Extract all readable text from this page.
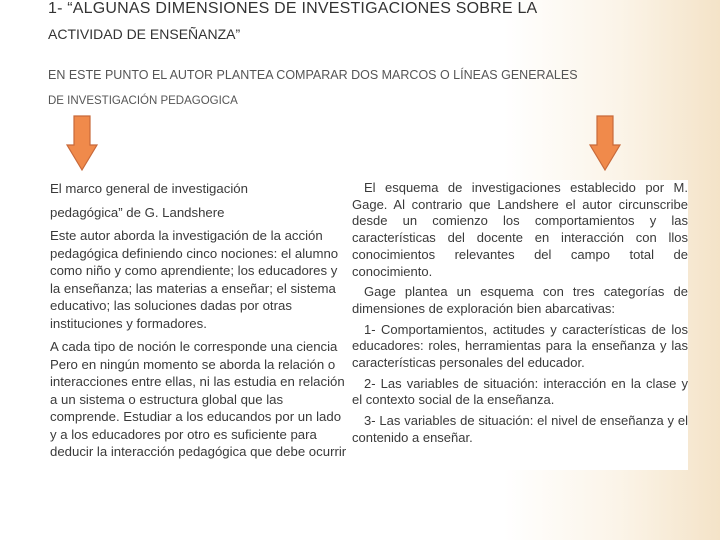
1- “ALGUNAS DIMENSIONES DE INVESTIGACIONES SOBRE LA
ACTIVIDAD DE ENSEÑANZA”
EN ESTE PUNTO EL AUTOR PLANTEA COMPARAR DOS MARCOS O LÍNEAS GENERALES
DE INVESTIGACIÓN PEDAGOGICA

El marco general de investigación

pedagógica” de G. Landshere

Este autor aborda la investigación de la acción

pedagógica definiendo cinco nociones: el alumno

como niño y como aprendiente; los educadores y

la enseñanza; las materias a enseñar; el sistema

educativo; las soluciones dadas por otras

instituciones y formadores.

A cada tipo de noción le corresponde una ciencia

Pero en ningún momento se aborda la relación o

interacciones entre ellas, ni las estudia en relación

a un sistema o estructura global que las

comprende. Estudiar a los educandos por un lado

y a los educadores por otro es suficiente para

deducir la interacción pedagógica que debe ocurrir

El esquema de investigaciones establecido por M. Gage. Al contrario que Landshere el autor circunscribe desde un comienzo los comportamientos y las características del docente en interacción con llos conocimientos relevantes del campo total de conocimiento.

Gage plantea un esquema con tres categorías de dimensiones de exploración bien abarcativas:

1- Comportamientos, actitudes y características de los educadores: roles, herramientas para la enseñanza y las características personales del educador.

2- Las variables de situación: interacción en la clase y el contexto social de la enseñanza.

3- Las variables de situación: el nivel de enseñanza y el contenido a enseñar.
